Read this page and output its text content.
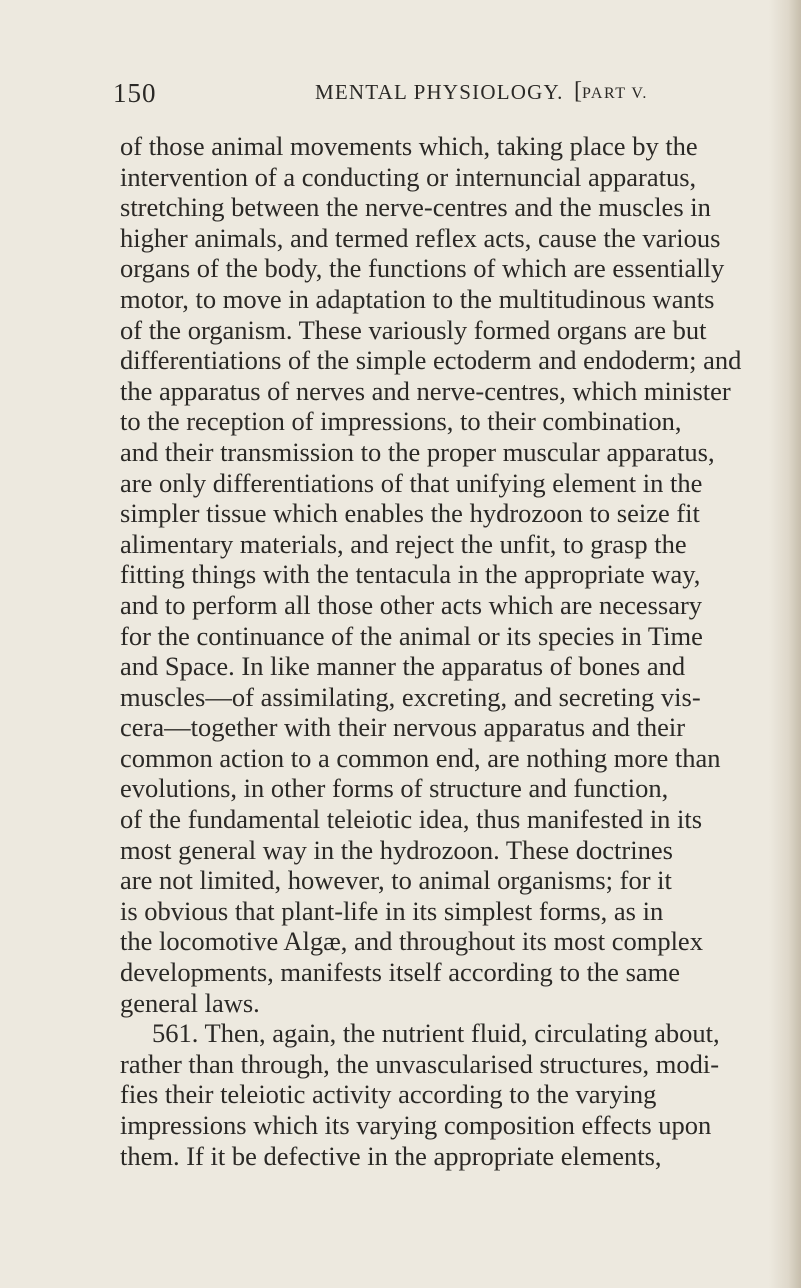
150	MENTAL PHYSIOLOGY. [PART V.
of those animal movements which, taking place by the
intervention of a conducting or internuncial apparatus,
stretching between the nerve-centres and the muscles in
higher animals, and termed reflex acts, cause the various
organs of the body, the functions of which are essentially
motor, to move in adaptation to the multitudinous wants
of the organism. These variously formed organs are but
differentiations of the simple ectoderm and endoderm; and
the apparatus of nerves and nerve-centres, which minister
to the reception of impressions, to their combination,
and their transmission to the proper muscular apparatus,
are only differentiations of that unifying element in the
simpler tissue which enables the hydrozoon to seize fit
alimentary materials, and reject the unfit, to grasp the
fitting things with the tentacula in the appropriate way,
and to perform all those other acts which are necessary
for the continuance of the animal or its species in Time
and Space. In like manner the apparatus of bones and
muscles—of assimilating, excreting, and secreting vis-
cera—together with their nervous apparatus and their
common action to a common end, are nothing more than
evolutions, in other forms of structure and function,
of the fundamental teleiotic idea, thus manifested in its
most general way in the hydrozoon. These doctrines
are not limited, however, to animal organisms; for it
is obvious that plant-life in its simplest forms, as in
the locomotive Algæ, and throughout its most complex
developments, manifests itself according to the same
general laws.
561. Then, again, the nutrient fluid, circulating about,
rather than through, the unvascularised structures, modi-
fies their teleiotic activity according to the varying
impressions which its varying composition effects upon
them. If it be defective in the appropriate elements,
